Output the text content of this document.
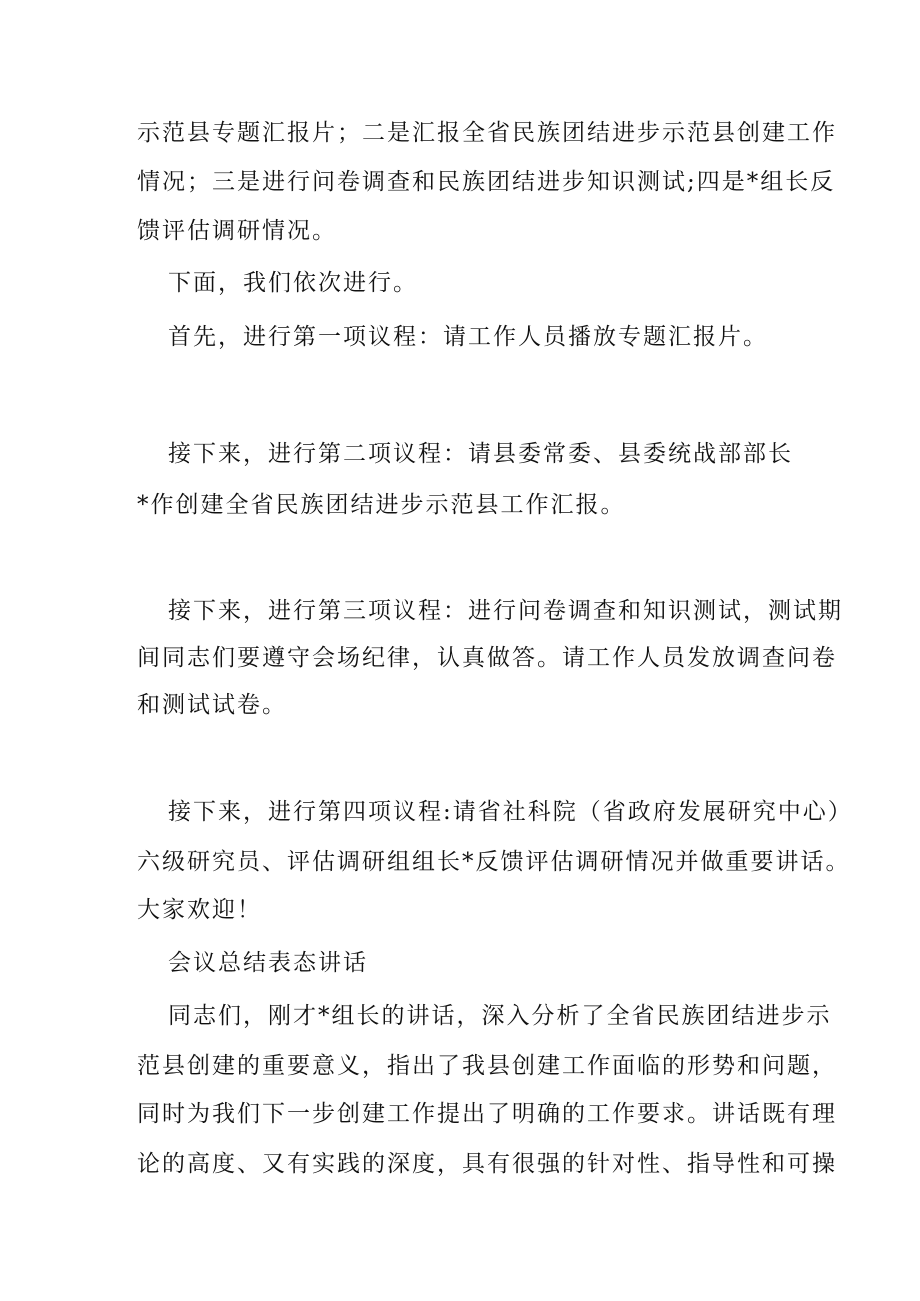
示范县专题汇报片；二是汇报全省民族团结进步示范县创建工作
情况；三是进行问卷调查和民族团结进步知识测试;四是*组长反
馈评估调研情况。
下面，我们依次进行。
首先，进行第一项议程：请工作人员播放专题汇报片。
接下来，进行第二项议程：请县委常委、县委统战部部长
*作创建全省民族团结进步示范县工作汇报。
接下来，进行第三项议程：进行问卷调查和知识测试，测试期
间同志们要遵守会场纪律，认真做答。请工作人员发放调查问卷
和测试试卷。
接下来，进行第四项议程:请省社科院（省政府发展研究中心）
六级研究员、评估调研组组长*反馈评估调研情况并做重要讲话。
大家欢迎！
会议总结表态讲话
同志们，刚才*组长的讲话，深入分析了全省民族团结进步示
范县创建的重要意义，指出了我县创建工作面临的形势和问题，
同时为我们下一步创建工作提出了明确的工作要求。讲话既有理
论的高度、又有实践的深度，具有很强的针对性、指导性和可操
